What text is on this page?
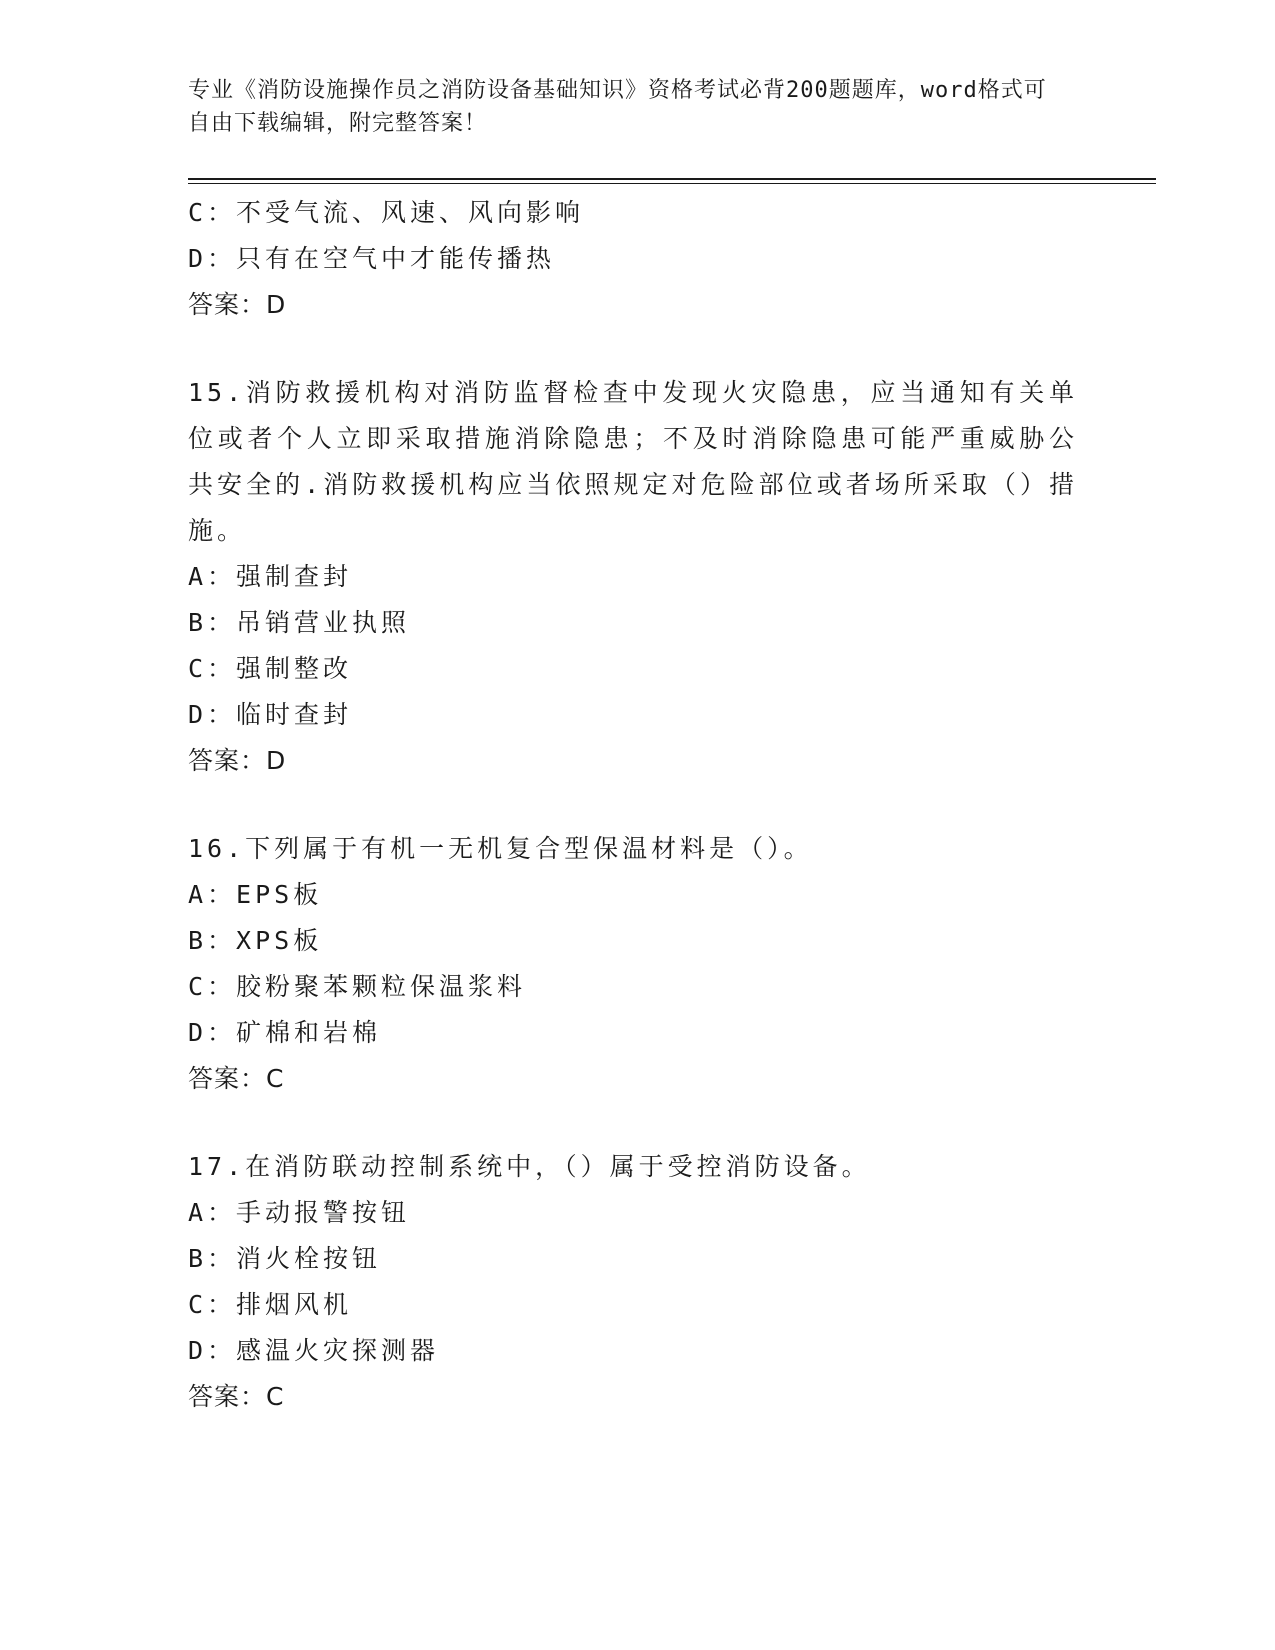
专业《消防设施操作员之消防设备基础知识》资格考试必背200题题库，word格式可自由下载编辑，附完整答案！
C：不受气流、风速、风向影响
D：只有在空气中才能传播热
答案：D
15.消防救援机构对消防监督检查中发现火灾隐患，应当通知有关单位或者个人立即采取措施消除隐患；不及时消除隐患可能严重威胁公共安全的.消防救援机构应当依照规定对危险部位或者场所采取（）措施。
A：强制查封
B：吊销营业执照
C：强制整改
D：临时查封
答案：D
16.下列属于有机一无机复合型保温材料是（）。
A：EPS板
B：XPS板
C：胶粉聚苯颗粒保温浆料
D：矿棉和岩棉
答案：C
17.在消防联动控制系统中，（）属于受控消防设备。
A：手动报警按钮
B：消火栓按钮
C：排烟风机
D：感温火灾探测器
答案：C
